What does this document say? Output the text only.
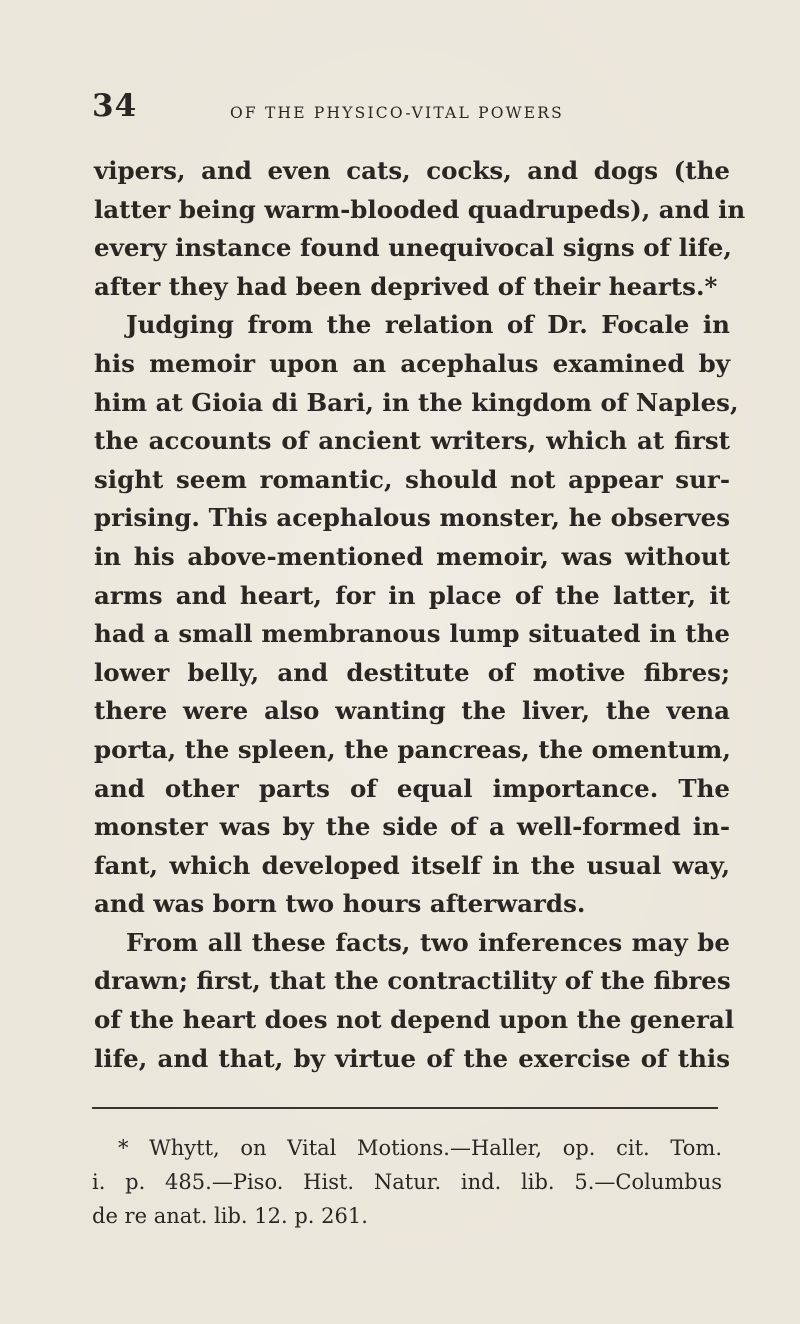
34	OF THE PHYSICO-VITAL POWERS
vipers, and even cats, cocks, and dogs (the
latter being warm-blooded quadrupeds), and in
every instance found unequivocal signs of life,
after they had been deprived of their hearts.*
Judging from the relation of Dr. Focale in
his memoir upon an acephalus examined by
him at Gioia di Bari, in the kingdom of Naples,
the accounts of ancient writers, which at first
sight seem romantic, should not appear sur-
prising. This acephalous monster, he observes
in his above-mentioned memoir, was without
arms and heart, for in place of the latter, it
had a small membranous lump situated in the
lower belly, and destitute of motive fibres;
there were also wanting the liver, the vena
porta, the spleen, the pancreas, the omentum,
and other parts of equal importance. The
monster was by the side of a well-formed in-
fant, which developed itself in the usual way,
and was born two hours afterwards.
From all these facts, two inferences may be
drawn; first, that the contractility of the fibres
of the heart does not depend upon the general
life, and that, by virtue of the exercise of this
* Whytt, on Vital Motions.—Haller, op. cit. Tom.
i. p. 485.—Piso. Hist. Natur. ind. lib. 5.—Columbus
de re anat. lib. 12. p. 261.
